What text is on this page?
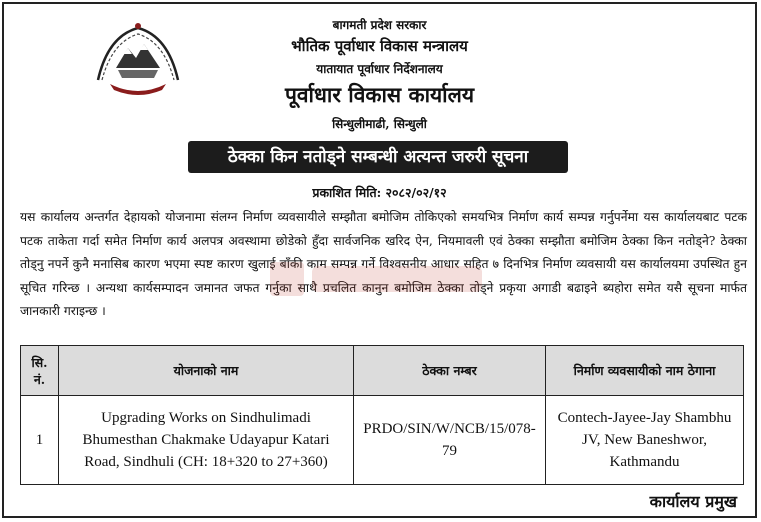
बागमती प्रदेश सरकार
भौतिक पूर्वाधार विकास मन्त्रालय
यातायात पूर्वाधार निर्देशनालय
पूर्वाधार विकास कार्यालय
सिन्धुलीमाढी, सिन्धुली
ठेक्का किन नतोड्ने सम्बन्धी अत्यन्त जरुरी सूचना
प्रकाशित मिति: २०८२/०२/१२
यस कार्यालय अन्तर्गत देहायको योजनामा संलग्न निर्माण व्यवसायीले सम्झौता बमोजिम तोकिएको समयभित्र निर्माण कार्य सम्पन्न गर्नुपर्नेमा यस कार्यालयबाट पटक पटक ताकेता गर्दा समेत निर्माण कार्य अलपत्र अवस्थामा छोडेको हुँदा सार्वजनिक खरिद ऐन, नियमावली एवं ठेक्का सम्झौता बमोजिम ठेक्का किन नतोड्ने? ठेक्का तोड्नु नपर्ने कुनै मनासिब कारण भएमा स्पष्ट कारण खुलाई बाँकी काम सम्पन्न गर्ने विश्वसनीय आधार सहित ७ दिनभित्र निर्माण व्यवसायी यस कार्यालयमा उपस्थित हुन सूचित गरिन्छ । अन्यथा कार्यसम्पादन जमानत जफत गर्नुका साथै प्रचलित कानुन बमोजिम ठेक्का तोड्ने प्रकृया अगाडी बढाइने ब्यहोरा समेत यसै सूचना मार्फत जानकारी गराइन्छ ।
सि. नं.	योजनाको नाम	ठेक्का नम्बर	निर्माण व्यवसायीको नाम ठेगाना
1	Upgrading Works on Sindhulimadi Bhumesthan Chakmake Udayapur Katari Road, Sindhuli (CH: 18+320 to 27+360)	PRDO/SIN/W/NCB/15/078-79	Contech-Jayee-Jay Shambhu JV, New Baneshwor, Kathmandu
कार्यालय प्रमुख
